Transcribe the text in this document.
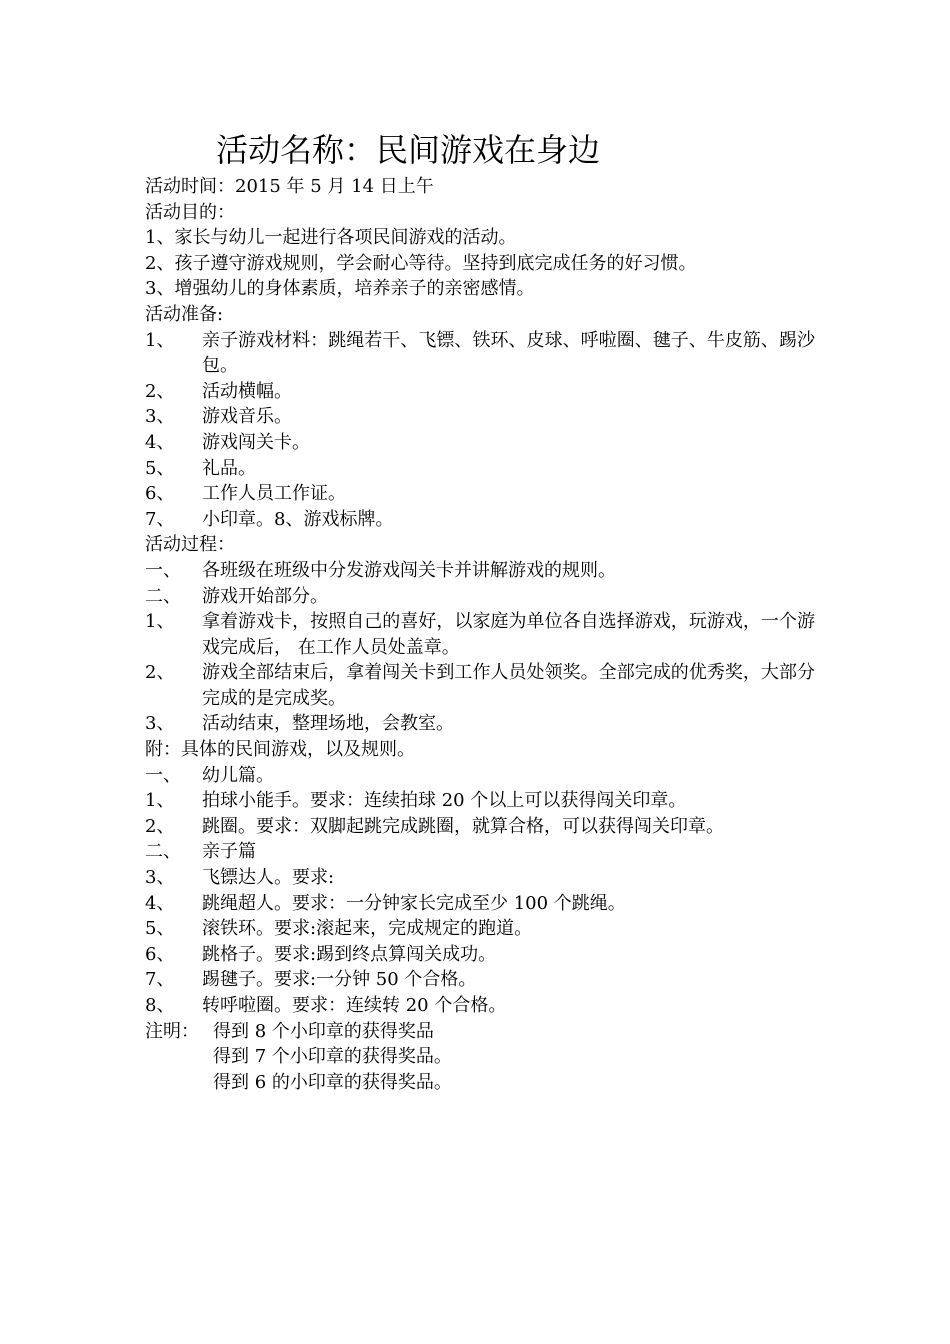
活动名称：民间游戏在身边
活动时间：2015 年 5 月 14 日上午
活动目的：
1、家长与幼儿一起进行各项民间游戏的活动。
2、孩子遵守游戏规则，学会耐心等待。坚持到底完成任务的好习惯。
3、增强幼儿的身体素质，培养亲子的亲密感情。
活动准备:
1、	亲子游戏材料：跳绳若干、飞镖、铁环、皮球、呼啦圈、毽子、牛皮筋、踢沙包。
2、	活动横幅。
3、	游戏音乐。
4、	游戏闯关卡。
5、	礼品。
6、	工作人员工作证。
7、	小印章。8、游戏标牌。
活动过程：
一、	各班级在班级中分发游戏闯关卡并讲解游戏的规则。
二、	游戏开始部分。
1、	拿着游戏卡，按照自己的喜好，以家庭为单位各自选择游戏，玩游戏，一个游戏完成后， 在工作人员处盖章。
2、	游戏全部结束后，拿着闯关卡到工作人员处领奖。全部完成的优秀奖，大部分完成的是完成奖。
3、	活动结束，整理场地，会教室。
附：具体的民间游戏，以及规则。
一、	幼儿篇。
1、	拍球小能手。要求：连续拍球 20 个以上可以获得闯关印章。
2、	跳圈。要求：双脚起跳完成跳圈，就算合格，可以获得闯关印章。
二、	亲子篇
3、	飞镖达人。要求:
4、	跳绳超人。要求：一分钟家长完成至少 100 个跳绳。
5、	滚铁环。要求:滚起来，完成规定的跑道。
6、	跳格子。要求:踢到终点算闯关成功。
7、	踢毽子。要求:一分钟 50 个合格。
8、	转呼啦圈。要求：连续转 20 个合格。
注明： 得到 8 个小印章的获得奖品
得到 7 个小印章的获得奖品。
得到 6 的小印章的获得奖品。
